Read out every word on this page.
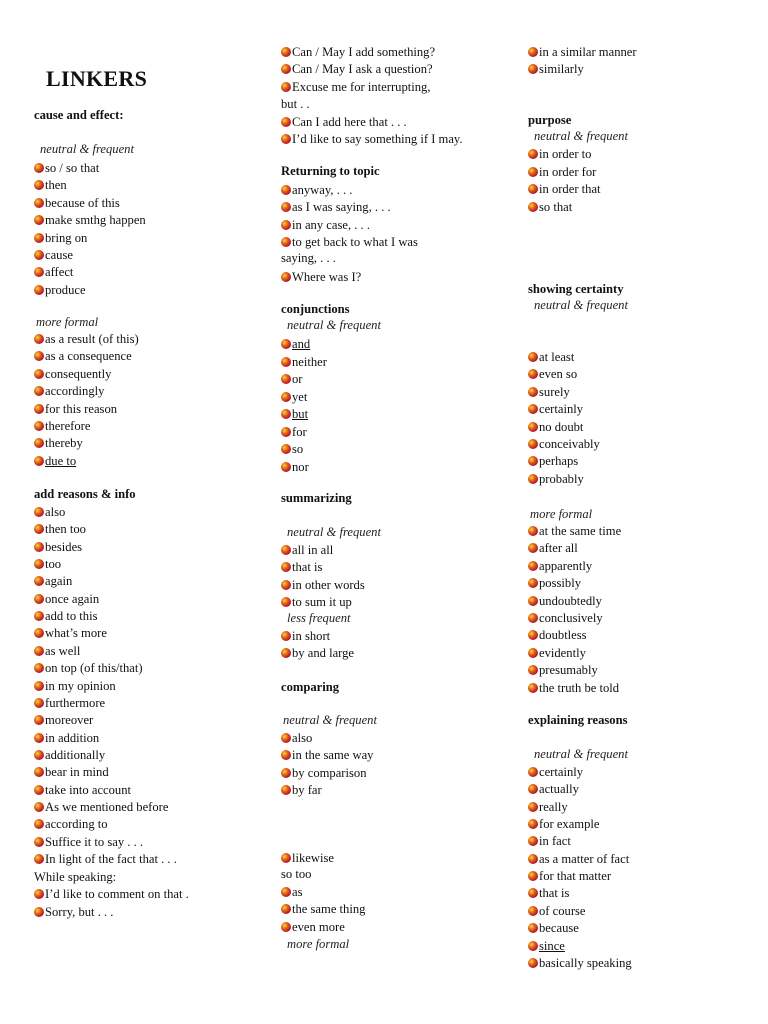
LINKERS
cause and effect:
neutral & frequent
so / so that
then
because of this
make smthg happen
bring on
cause
affect
produce
more formal
as a result (of this)
as a consequence
consequently
accordingly
for this reason
therefore
thereby
due to
add reasons & info
also
then too
besides
too
again
once again
add to this
what’s more
as well
on top (of this/that)
in my opinion
furthermore
moreover
in addition
additionally
bear in mind
take into account
As we mentioned before
according to
Suffice it to say . . .
In light of the fact that . . .
While speaking:
I’d like to comment on that .
Sorry, but . . .
Can / May I add something?
Can / May I ask a question?
Excuse me for interrupting,
Can I add here that . . .
I’d like to say something if I may.
but . .
Returning to topic
anyway, . . .
as I was saying, . . .
in any case, . . .
to get back to what I was
Where was I?
saying, . . .
conjunctions
neutral & frequent
and
neither
or
yet
but
for
so
nor
summarizing
neutral & frequent
all in all
that is
in other words
to sum it up
less frequent
in short
by and large
comparing
neutral & frequent
also
in the same way
by comparison
by far
likewise
so too
as
the same thing
even more
more formal
in a similar manner
similarly
purpose
neutral & frequent
in order to
in order for
in order that
so that
showing certainty
neutral & frequent
at least
even so
surely
certainly
no doubt
conceivably
perhaps
probably
more formal
at the same time
after all
apparently
possibly
undoubtedly
conclusively
doubtless
evidently
presumably
the truth be told
explaining reasons
neutral & frequent
certainly
actually
really
for example
in fact
as a matter of fact
for that matter
that is
of course
because
since
basically speaking
